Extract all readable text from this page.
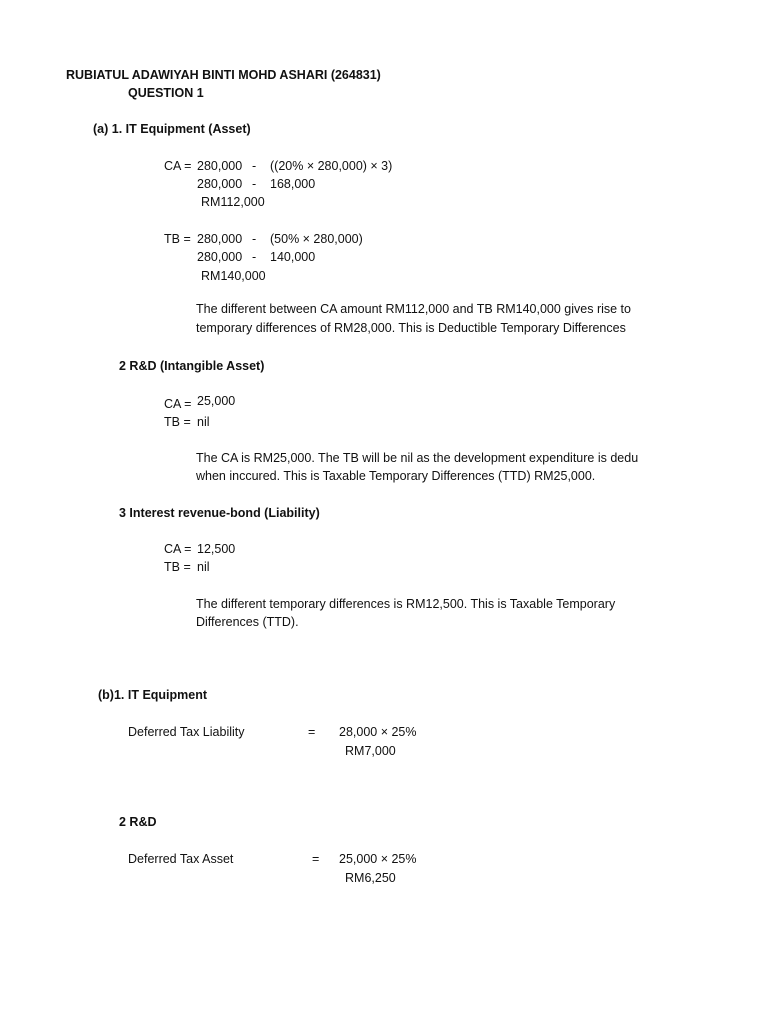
RUBIATUL ADAWIYAH BINTI MOHD ASHARI (264831)
QUESTION 1
(a) 1. IT Equipment (Asset)
CA = 280,000 - ((20% × 280,000) × 3)
280,000 - 168,000
RM112,000
TB = 280,000 - (50% × 280,000)
280,000 - 140,000
RM140,000
The different between CA amount RM112,000 and TB RM140,000 gives rise to
temporary differences of RM28,000. This is Deductible Temporary Differences
2 R&D (Intangible Asset)
CA = 25,000
TB = nil
The CA is RM25,000. The TB will be nil as the development expenditure is dedu
when inccured. This is Taxable Temporary Differences (TTD) RM25,000.
3 Interest revenue-bond (Liability)
CA = 12,500
TB = nil
The different temporary differences is RM12,500. This is Taxable Temporary
Differences (TTD).
(b)1. IT Equipment
Deferred Tax Liability	= 28,000 × 25%
RM7,000
2 R&D
Deferred Tax Asset	= 25,000 × 25%
RM6,250
